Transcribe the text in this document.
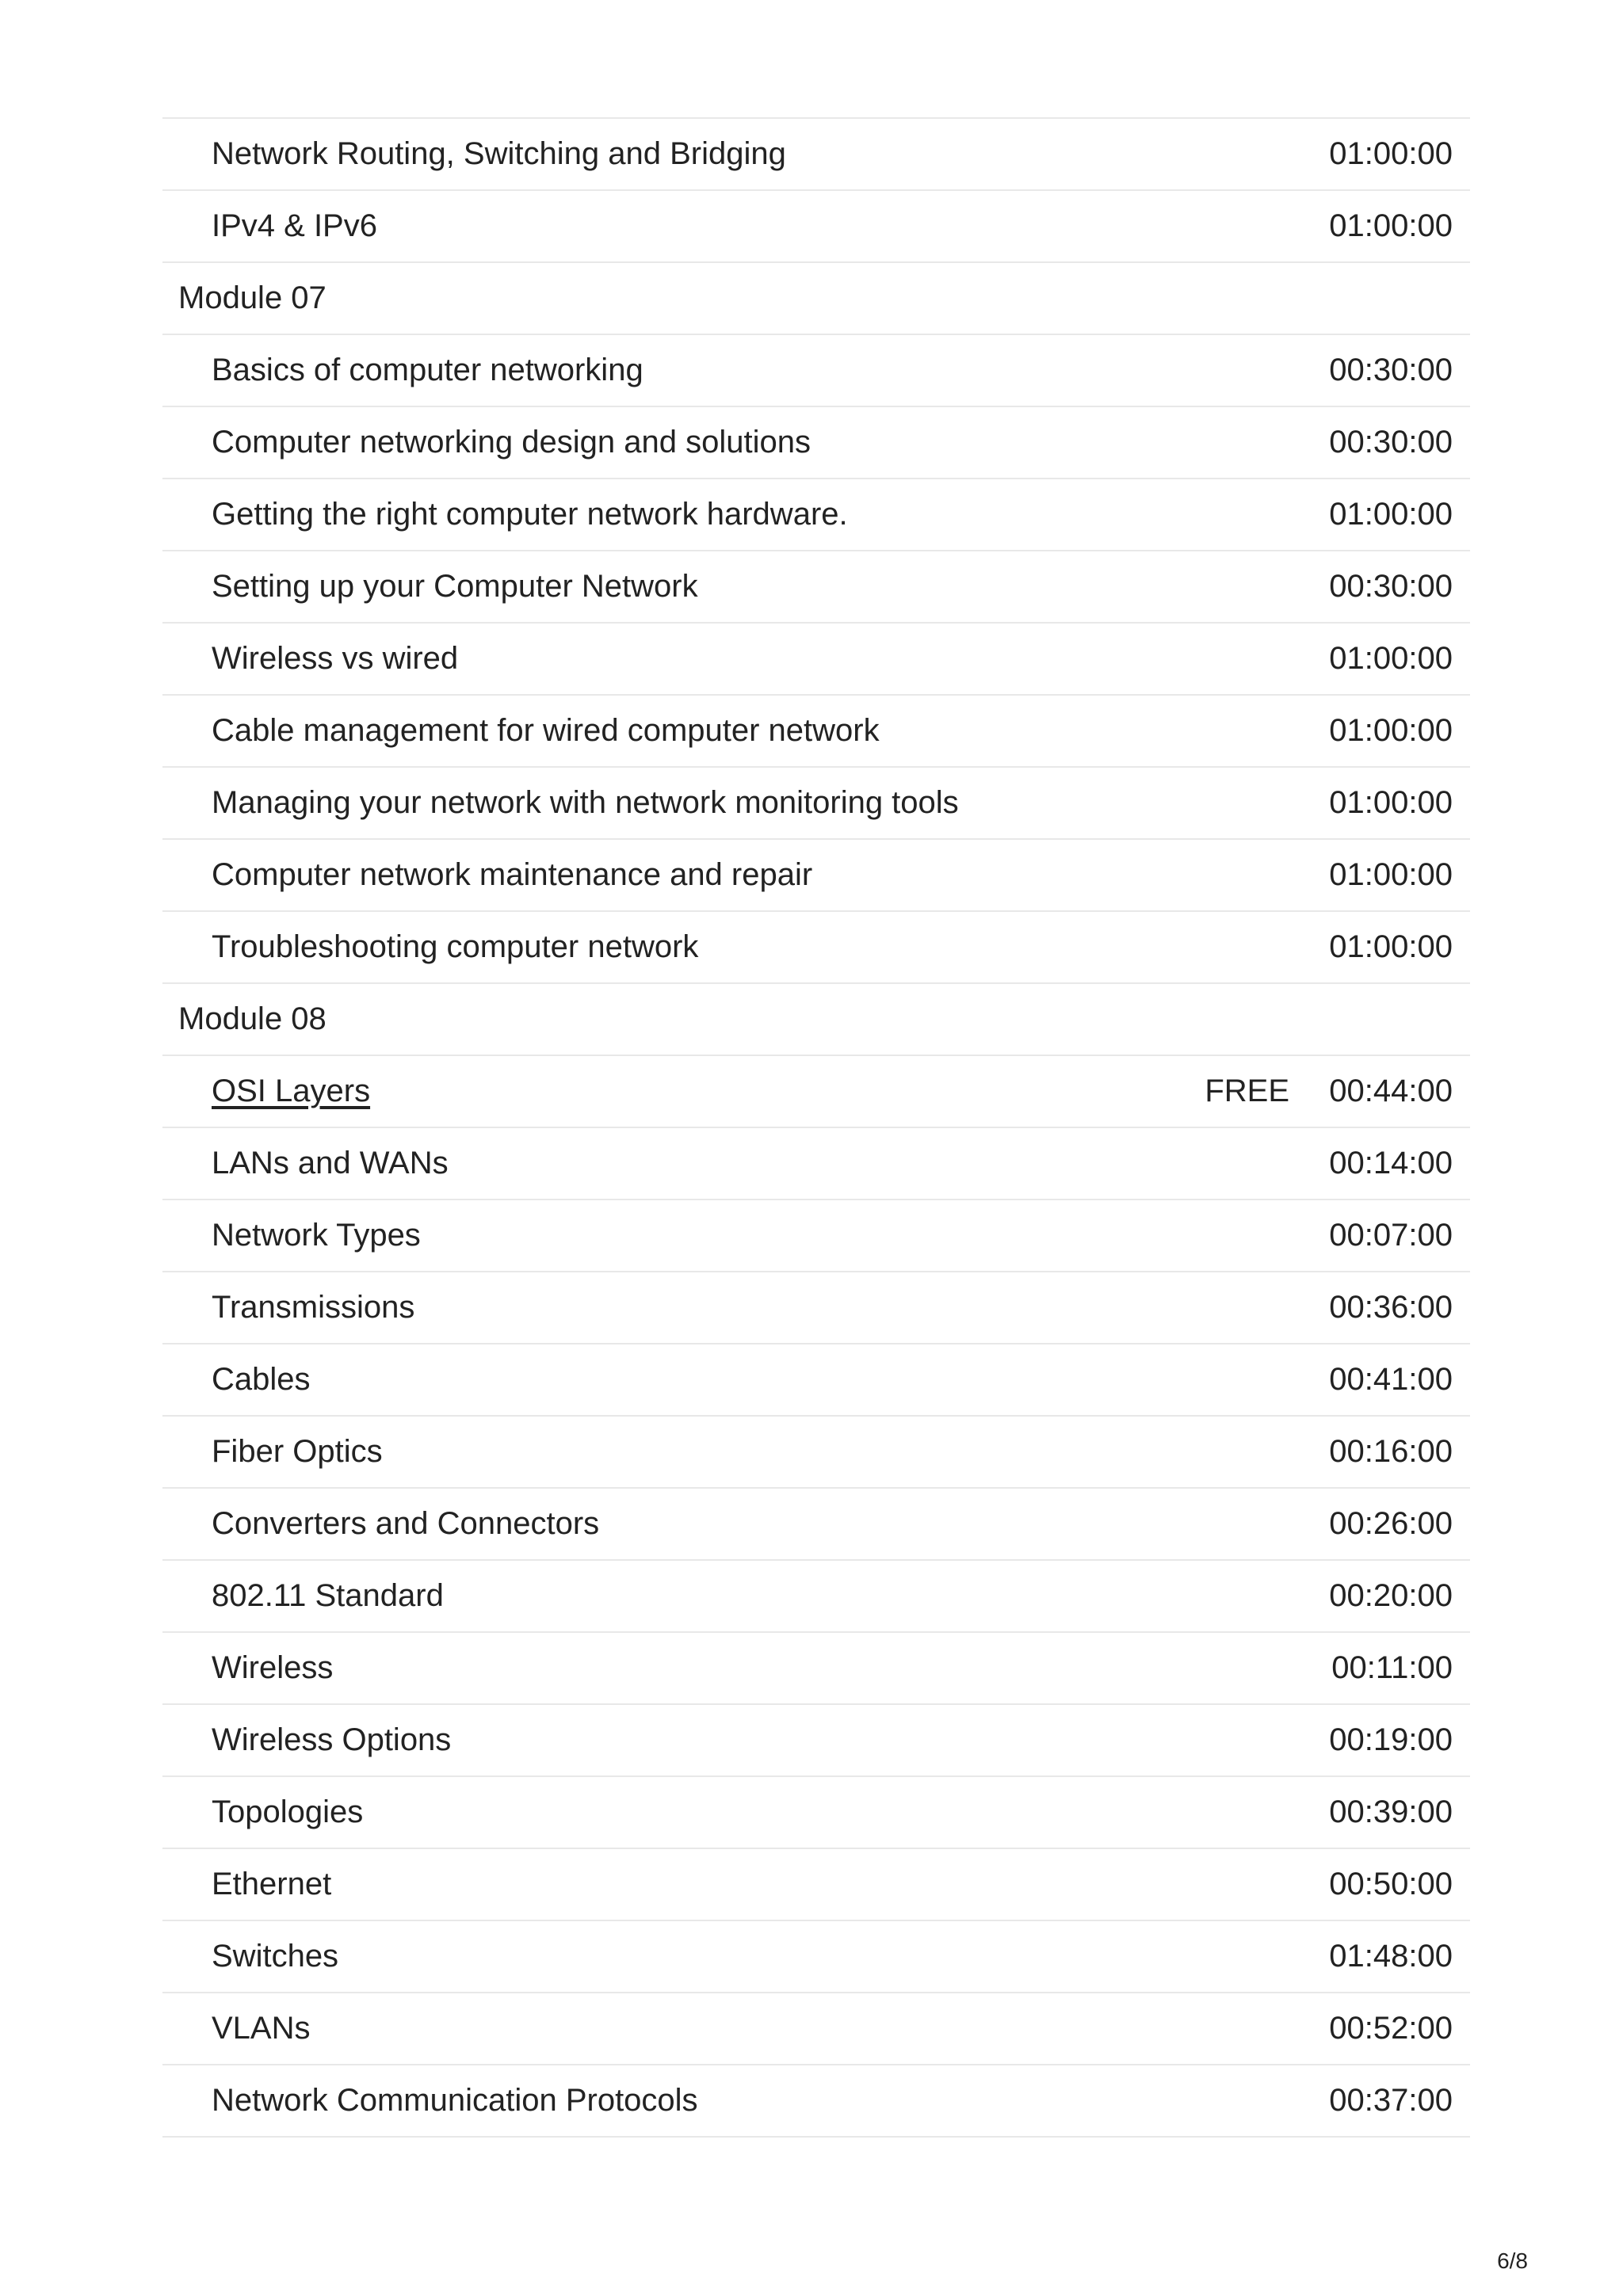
Network Routing, Switching and Bridging	01:00:00
IPv4 & IPv6	01:00:00
Module 07
Basics of computer networking	00:30:00
Computer networking design and solutions	00:30:00
Getting the right computer network hardware.	01:00:00
Setting up your Computer Network	00:30:00
Wireless vs wired	01:00:00
Cable management for wired computer network	01:00:00
Managing your network with network monitoring tools	01:00:00
Computer network maintenance and repair	01:00:00
Troubleshooting computer network	01:00:00
Module 08
OSI Layers	FREE 00:44:00
LANs and WANs	00:14:00
Network Types	00:07:00
Transmissions	00:36:00
Cables	00:41:00
Fiber Optics	00:16:00
Converters and Connectors	00:26:00
802.11 Standard	00:20:00
Wireless	00:11:00
Wireless Options	00:19:00
Topologies	00:39:00
Ethernet	00:50:00
Switches	01:48:00
VLANs	00:52:00
Network Communication Protocols	00:37:00
6/8
